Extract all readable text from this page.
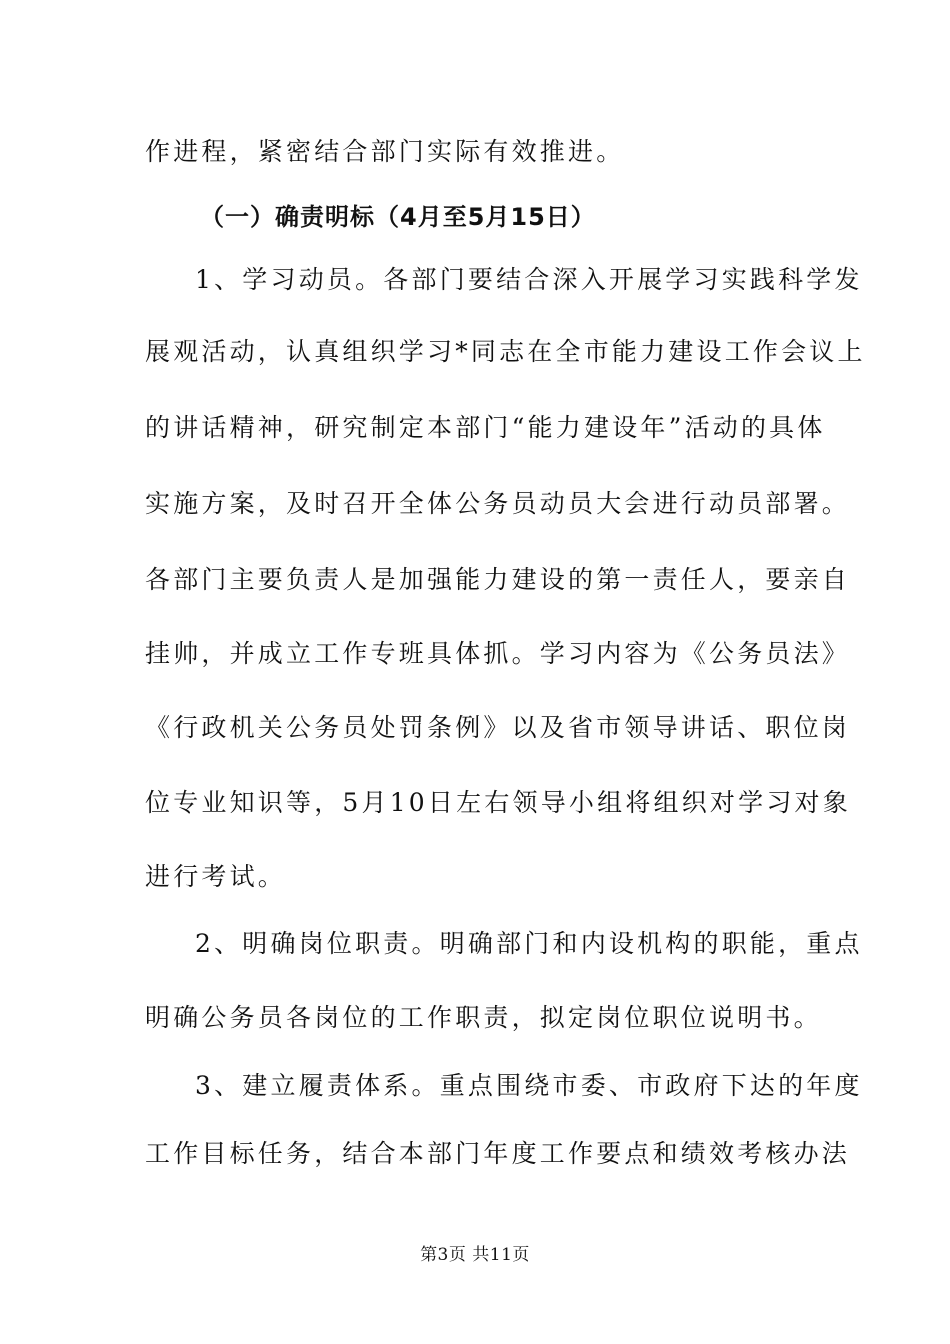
作进程，紧密结合部门实际有效推进。
（一）确责明标（4月至5月15日）
1、学习动员。各部门要结合深入开展学习实践科学发
展观活动，认真组织学习*同志在全市能力建设工作会议上
的讲话精神，研究制定本部门“能力建设年”活动的具体
实施方案，及时召开全体公务员动员大会进行动员部署。
各部门主要负责人是加强能力建设的第一责任人，要亲自
挂帅，并成立工作专班具体抓。学习内容为《公务员法》
《行政机关公务员处罚条例》以及省市领导讲话、职位岗
位专业知识等，5月10日左右领导小组将组织对学习对象
进行考试。
2、明确岗位职责。明确部门和内设机构的职能，重点
明确公务员各岗位的工作职责，拟定岗位职位说明书。
3、建立履责体系。重点围绕市委、市政府下达的年度
工作目标任务，结合本部门年度工作要点和绩效考核办法
第3页 共11页
